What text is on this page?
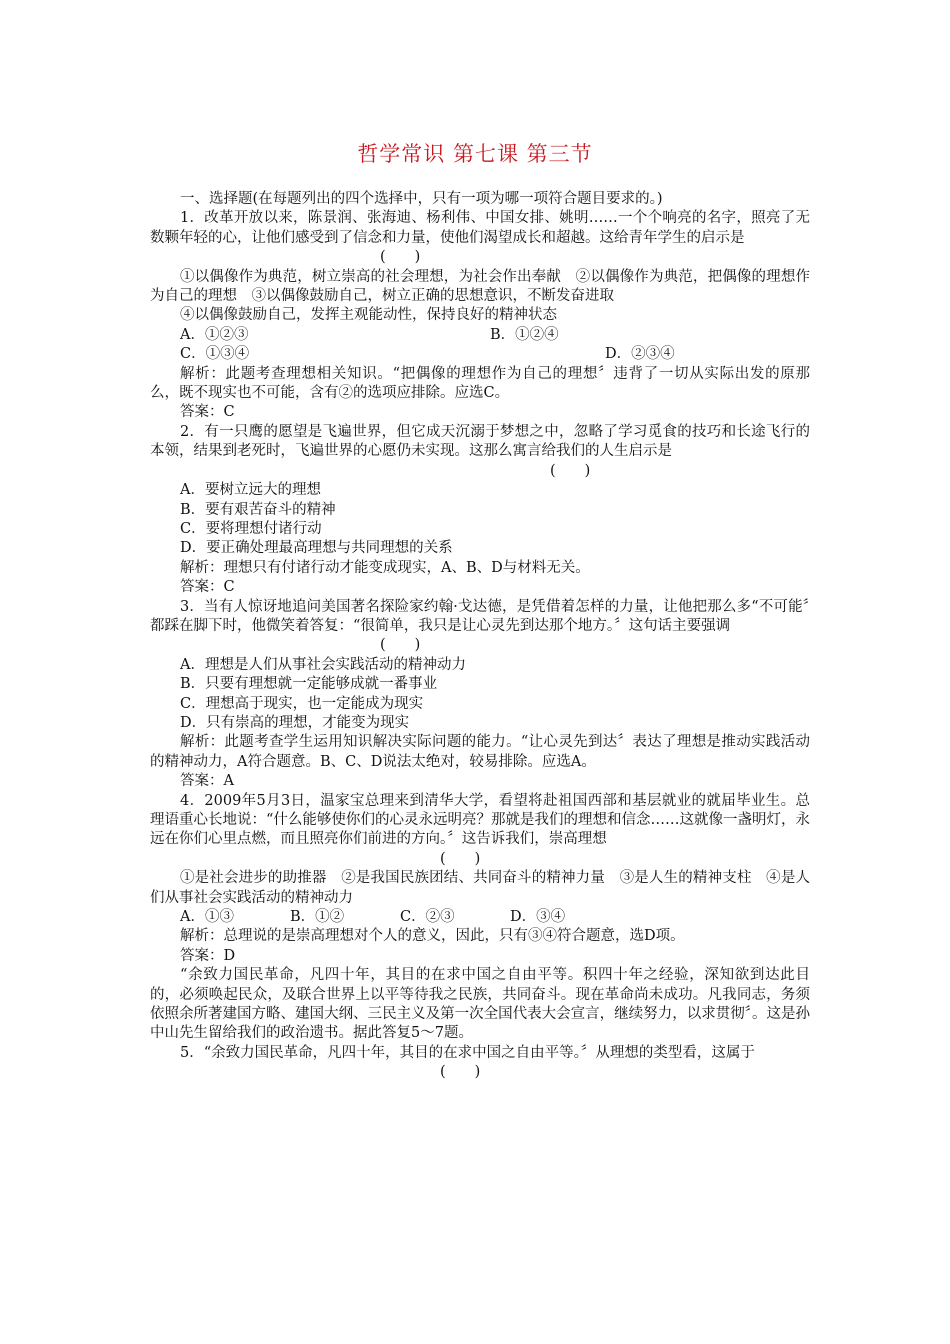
哲学常识 第七课 第三节

一、选择题(在每题列出的四个选择中，只有一项为哪一项符合题目要求的。)

1．改革开放以来，陈景润、张海迪、杨利伟、中国女排、姚明……一个个响亮的名字，照亮了无数颗年轻的心，让他们感受到了信念和力量，使他们渴望成长和超越。这给青年学生的启示是

(　　)

①以偶像作为典范，树立崇高的社会理想，为社会作出奉献　②以偶像作为典范，把偶像的理想作为自己的理想　③以偶像鼓励自己，树立正确的思想意识，不断发奋进取

④以偶像鼓励自己，发挥主观能动性，保持良好的精神状态

A．①②③	B．①②④
C．①③④	D．②③④

解析：此题考查理想相关知识。“把偶像的理想作为自己的理想〞违背了一切从实际出发的原那么，既不现实也不可能，含有②的选项应排除。应选C。

答案：C

2．有一只鹰的愿望是飞遍世界，但它成天沉溺于梦想之中，忽略了学习觅食的技巧和长途飞行的本领，结果到老死时，飞遍世界的心愿仍未实现。这那么寓言给我们的人生启示是

(　　)

A．要树立远大的理想

B．要有艰苦奋斗的精神

C．要将理想付诸行动

D．要正确处理最高理想与共同理想的关系

解析：理想只有付诸行动才能变成现实，A、B、D与材料无关。

答案：C

3．当有人惊讶地追问美国著名探险家约翰·戈达德，是凭借着怎样的力量，让他把那么多“不可能〞都踩在脚下时，他微笑着答复：“很简单，我只是让心灵先到达那个地方。〞这句话主要强调

(　　)

A．理想是人们从事社会实践活动的精神动力

B．只要有理想就一定能够成就一番事业

C．理想高于现实，也一定能成为现实

D．只有崇高的理想，才能变为现实

解析：此题考查学生运用知识解决实际问题的能力。“让心灵先到达〞表达了理想是推动实践活动的精神动力，A符合题意。B、C、D说法太绝对，较易排除。应选A。

答案：A

4．2009年5月3日，温家宝总理来到清华大学，看望将赴祖国西部和基层就业的就届毕业生。总理语重心长地说：“什么能够使你们的心灵永远明亮？那就是我们的理想和信念……这就像一盏明灯，永远在你们心里点燃，而且照亮你们前进的方向。〞这告诉我们，崇高理想

(　　)

①是社会进步的助推器　②是我国民族团结、共同奋斗的精神力量　③是人生的精神支柱　④是人们从事社会实践活动的精神动力

A．①③	B．①②	C．②③	D．③④

解析：总理说的是崇高理想对个人的意义，因此，只有③④符合题意，选D项。

答案：D

“余致力国民革命，凡四十年，其目的在求中国之自由平等。积四十年之经验，深知欲到达此目的，必须唤起民众，及联合世界上以平等待我之民族，共同奋斗。现在革命尚未成功。凡我同志，务须依照余所著建国方略、建国大纲、三民主义及第一次全国代表大会宣言，继续努力，以求贯彻〞。这是孙中山先生留给我们的政治遗书。据此答复5～7题。

5．“余致力国民革命，凡四十年，其目的在求中国之自由平等。〞从理想的类型看，这属于

(　　)
